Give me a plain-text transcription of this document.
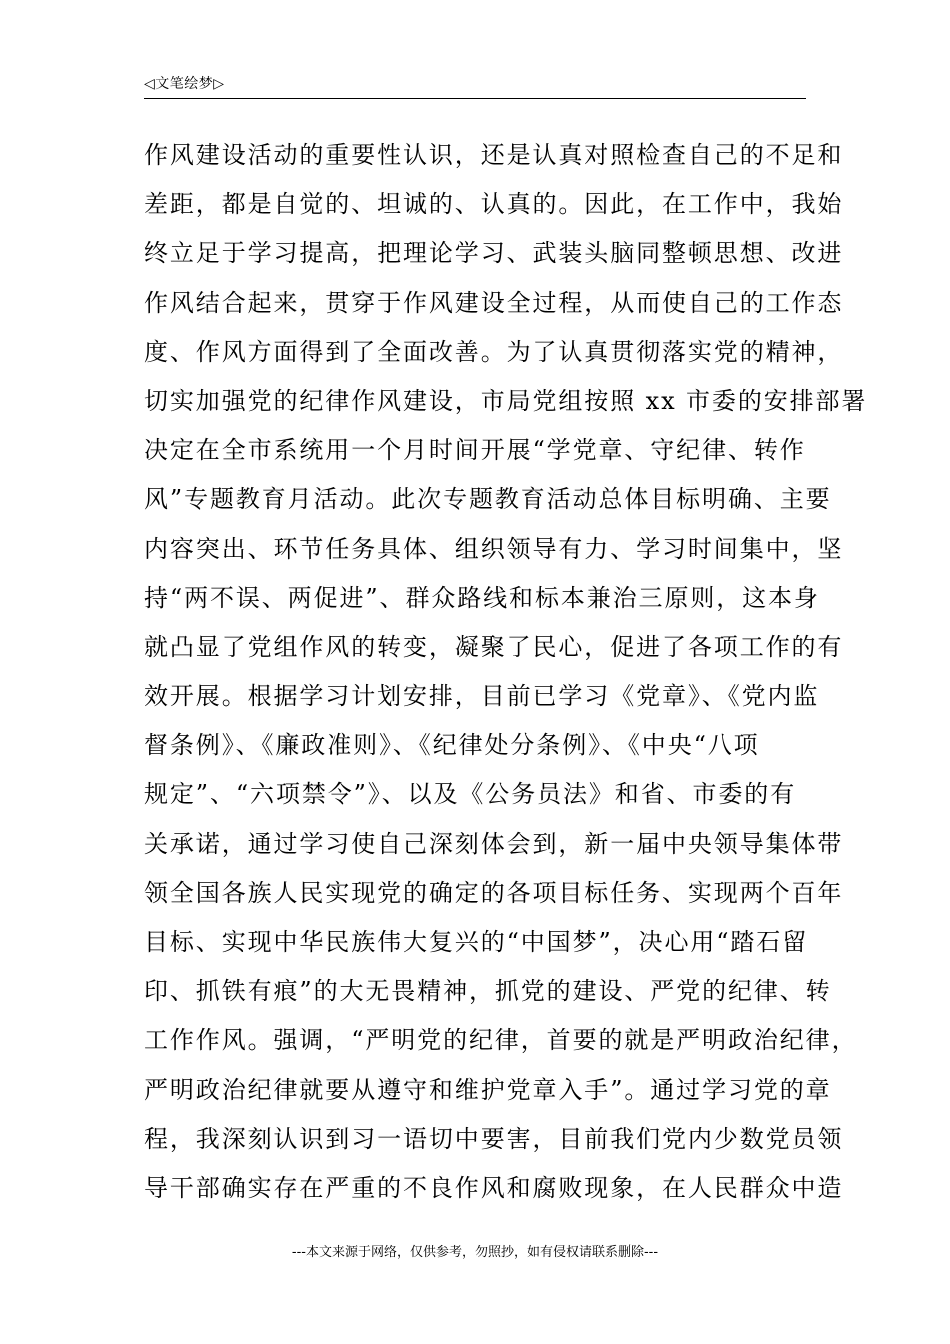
◁文笔绘梦▷
作风建设活动的重要性认识，还是认真对照检查自己的不足和
差距，都是自觉的、坦诚的、认真的。因此，在工作中，我始
终立足于学习提高，把理论学习、武装头脑同整顿思想、改进
作风结合起来，贯穿于作风建设全过程，从而使自己的工作态
度、作风方面得到了全面改善。为了认真贯彻落实党的精神，
切实加强党的纪律作风建设，市局党组按照 xx 市委的安排部署
决定在全市系统用一个月时间开展“学党章、守纪律、转作
风”专题教育月活动。此次专题教育活动总体目标明确、主要
内容突出、环节任务具体、组织领导有力、学习时间集中，坚
持“两不误、两促进”、群众路线和标本兼治三原则，这本身
就凸显了党组作风的转变，凝聚了民心，促进了各项工作的有
效开展。根据学习计划安排，目前已学习《党章》、《党内监
督条例》、《廉政准则》、《纪律处分条例》、《中央“八项
规定”、“六项禁令”》、以及《公务员法》和省、市委的有
关承诺，通过学习使自己深刻体会到，新一届中央领导集体带
领全国各族人民实现党的确定的各项目标任务、实现两个百年
目标、实现中华民族伟大复兴的“中国梦”，决心用“踏石留
印、抓铁有痕”的大无畏精神，抓党的建设、严党的纪律、转
工作作风。强调，“严明党的纪律，首要的就是严明政治纪律，
严明政治纪律就要从遵守和维护党章入手”。通过学习党的章
程，我深刻认识到习一语切中要害，目前我们党内少数党员领
导干部确实存在严重的不良作风和腐败现象，在人民群众中造
---本文来源于网络，仅供参考，勿照抄，如有侵权请联系删除---
